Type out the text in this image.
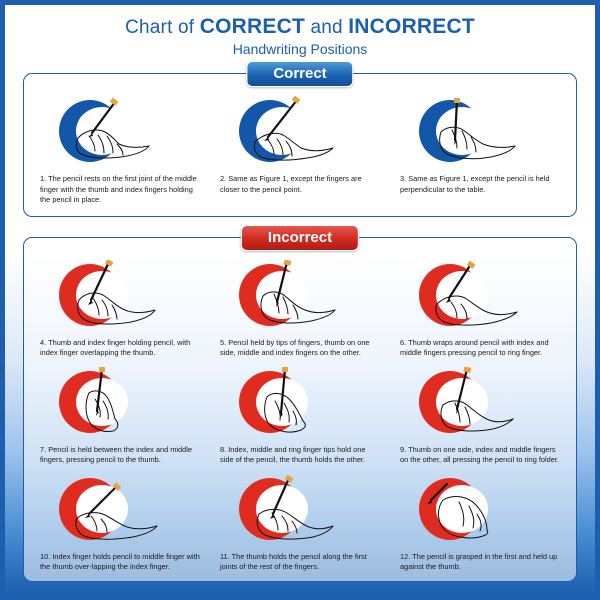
Chart of CORRECT and INCORRECT
Handwriting Positions
Correct
1. The pencil rests on the first joint of the middle finger with the thumb and index fingers holding the pencil in place.
2. Same as Figure 1, except the fingers are closer to the pencil point.
3. Same as Figure 1, except the pencil is held perpendicular to the table.
Incorrect
4. Thumb and index finger holding pencil, with index finger overlapping the thumb.
5. Pencil held by tips of fingers, thumb on one side, middle and index fingers on the other.
6. Thumb wraps around pencil with index and middle fingers pressing pencil to ring finger.
7. Pencil is held between the index and middle fingers, pressing pencil to the thumb.
8. Index, middle and ring finger tips hold one side of the pencil, the thumb holds the other.
9. Thumb on one side, index and middle fingers on the other, all pressing the pencil to ring folder.
10. Index finger holds pencil to middle finger with the thumb over-lapping the index finger.
11. The thumb holds the pencil along the first joints of the rest of the fingers.
12. The pencil is grasped in the first and held up against the thumb.
